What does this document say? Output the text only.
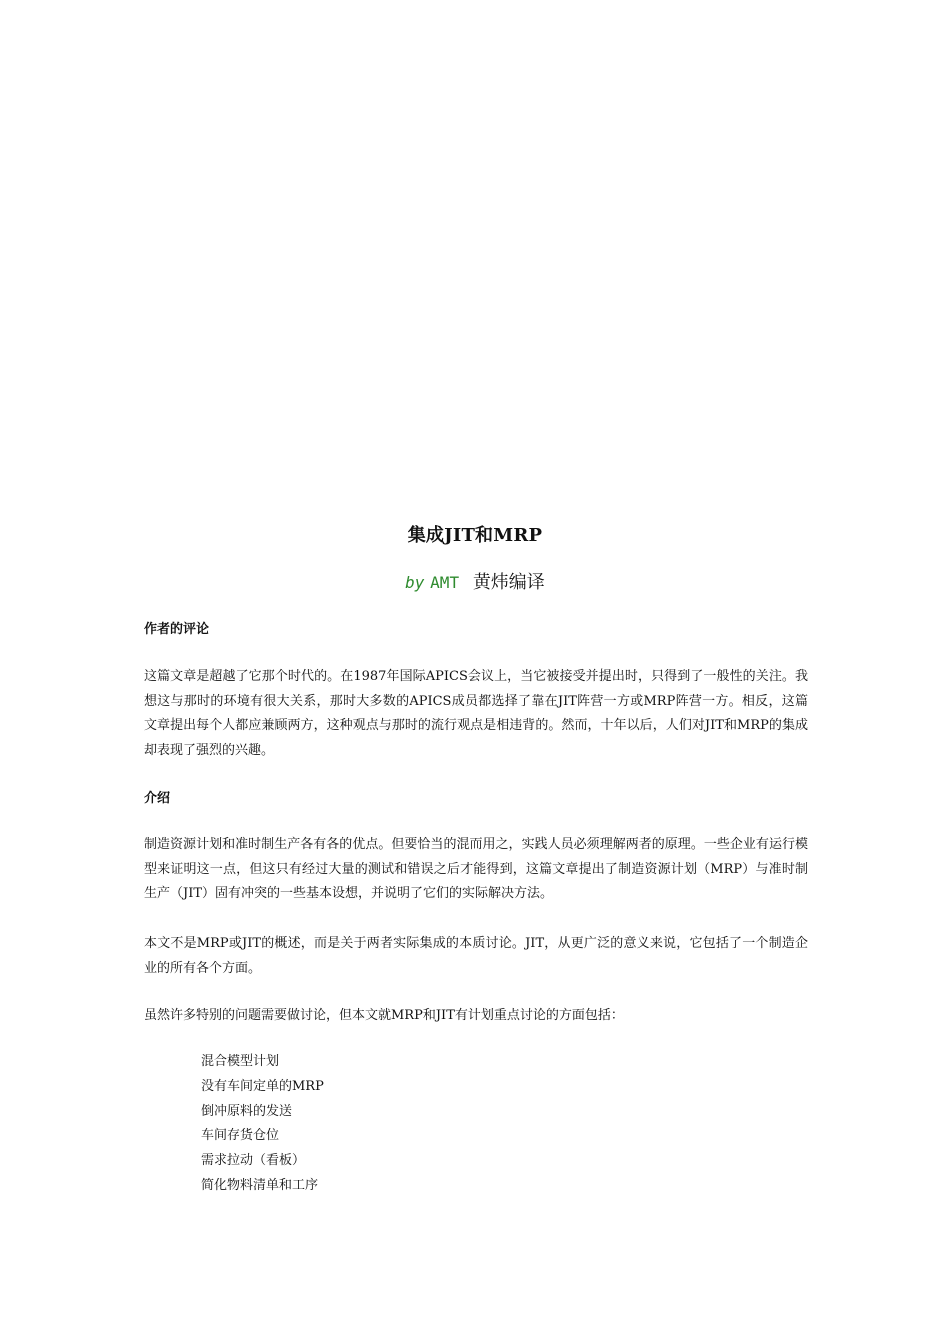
集成JIT和MRP
by AMT 黄炜编译
作者的评论
这篇文章是超越了它那个时代的。在1987年国际APICS会议上，当它被接受并提出时，只得到了一般性的关注。我想这与那时的环境有很大关系，那时大多数的APICS成员都选择了靠在JIT阵营一方或MRP阵营一方。相反，这篇文章提出每个人都应兼顾两方，这种观点与那时的流行观点是相违背的。然而，十年以后，人们对JIT和MRP的集成却表现了强烈的兴趣。
介绍
制造资源计划和准时制生产各有各的优点。但要恰当的混而用之，实践人员必须理解两者的原理。一些企业有运行模型来证明这一点，但这只有经过大量的测试和错误之后才能得到，这篇文章提出了制造资源计划（MRP）与准时制生产（JIT）固有冲突的一些基本设想，并说明了它们的实际解决方法。
本文不是MRP或JIT的概述，而是关于两者实际集成的本质讨论。JIT，从更广泛的意义来说，它包括了一个制造企业的所有各个方面。
虽然许多特别的问题需要做讨论，但本文就MRP和JIT有计划重点讨论的方面包括：
混合模型计划
没有车间定单的MRP
倒冲原料的发送
车间存货仓位
需求拉动（看板）
简化物料清单和工序
